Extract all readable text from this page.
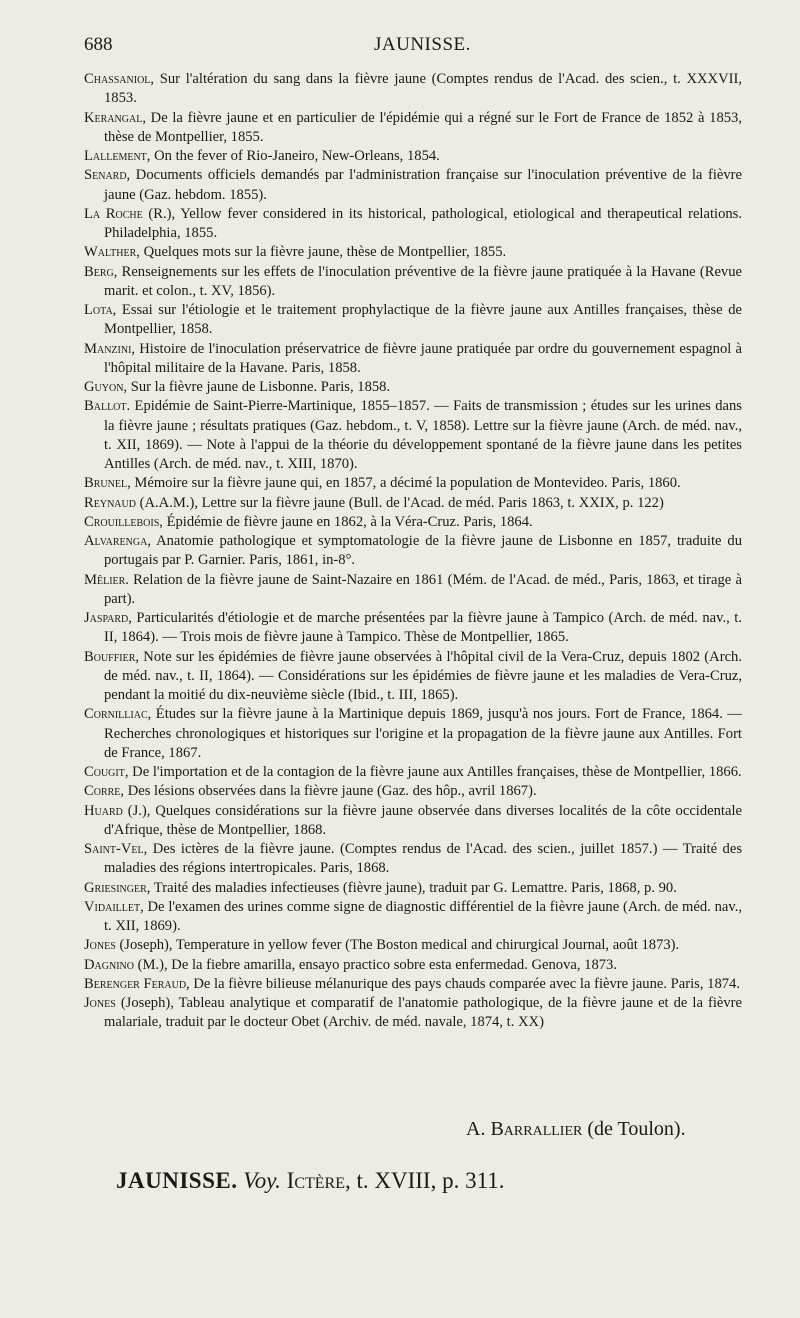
688	JAUNISSE.

Chassaniol, Sur l'altération du sang dans la fièvre jaune (Comptes rendus de l'Acad. des scien., t. XXXVII, 1853.

Kerangal, De la fièvre jaune et en particulier de l'épidémie qui a régné sur le Fort de France de 1852 à 1853, thèse de Montpellier, 1855.

Lallement, On the fever of Rio-Janeiro, New-Orleans, 1854.

Senard, Documents officiels demandés par l'administration française sur l'inoculation préventive de la fièvre jaune (Gaz. hebdom. 1855).

La Roche (R.), Yellow fever considered in its historical, pathological, etiological and therapeutical relations. Philadelphia, 1855.

Walther, Quelques mots sur la fièvre jaune, thèse de Montpellier, 1855.

Berg, Renseignements sur les effets de l'inoculation préventive de la fièvre jaune pratiquée à la Havane (Revue marit. et colon., t. XV, 1856).

Lota, Essai sur l'étiologie et le traitement prophylactique de la fièvre jaune aux Antilles françaises, thèse de Montpellier, 1858.

Manzini, Histoire de l'inoculation préservatrice de fièvre jaune pratiquée par ordre du gouvernement espagnol à l'hôpital militaire de la Havane. Paris, 1858.

Guyon, Sur la fièvre jaune de Lisbonne. Paris, 1858.

Ballot. Epidémie de Saint-Pierre-Martinique, 1855–1857. — Faits de transmission ; études sur les urines dans la fièvre jaune ; résultats pratiques (Gaz. hebdom., t. V, 1858). Lettre sur la fièvre jaune (Arch. de méd. nav., t. XII, 1869). — Note à l'appui de la théorie du développement spontané de la fièvre jaune dans les petites Antilles (Arch. de méd. nav., t. XIII, 1870).

Brunel, Mémoire sur la fièvre jaune qui, en 1857, a décimé la population de Montevideo. Paris, 1860.

Reynaud (A.A.M.), Lettre sur la fièvre jaune (Bull. de l'Acad. de méd. Paris 1863, t. XXIX, p. 122)

Crouillebois, Épidémie de fièvre jaune en 1862, à la Véra-Cruz. Paris, 1864.

Alvarenga, Anatomie pathologique et symptomatologie de la fièvre jaune de Lisbonne en 1857, traduite du portugais par P. Garnier. Paris, 1861, in-8°.

Mêlier. Relation de la fièvre jaune de Saint-Nazaire en 1861 (Mém. de l'Acad. de méd., Paris, 1863, et tirage à part).

Jaspard, Particularités d'étiologie et de marche présentées par la fièvre jaune à Tampico (Arch. de méd. nav., t. II, 1864). — Trois mois de fièvre jaune à Tampico. Thèse de Montpellier, 1865.

Bouffier, Note sur les épidémies de fièvre jaune observées à l'hôpital civil de la Vera-Cruz, depuis 1802 (Arch. de méd. nav., t. II, 1864). — Considérations sur les épidémies de fièvre jaune et les maladies de Vera-Cruz, pendant la moitié du dix-neuvième siècle (Ibid., t. III, 1865).

Cornilliac, Études sur la fièvre jaune à la Martinique depuis 1869, jusqu'à nos jours. Fort de France, 1864. — Recherches chronologiques et historiques sur l'origine et la propagation de la fièvre jaune aux Antilles. Fort de France, 1867.

Cougit, De l'importation et de la contagion de la fièvre jaune aux Antilles françaises, thèse de Montpellier, 1866.

Corre, Des lésions observées dans la fièvre jaune (Gaz. des hôp., avril 1867).

Huard (J.), Quelques considérations sur la fièvre jaune observée dans diverses localités de la côte occidentale d'Afrique, thèse de Montpellier, 1868.

Saint-Vel, Des ictères de la fièvre jaune. (Comptes rendus de l'Acad. des scien., juillet 1857.) — Traité des maladies des régions intertropicales. Paris, 1868.

Griesinger, Traité des maladies infectieuses (fièvre jaune), traduit par G. Lemattre. Paris, 1868, p. 90.

Vidaillet, De l'examen des urines comme signe de diagnostic différentiel de la fièvre jaune (Arch. de méd. nav., t. XII, 1869).

Jones (Joseph), Temperature in yellow fever (The Boston medical and chirurgical Journal, août 1873).

Dagnino (M.), De la fiebre amarilla, ensayo practico sobre esta enfermedad. Genova, 1873.

Berenger Feraud, De la fièvre bilieuse mélanurique des pays chauds comparée avec la fièvre jaune. Paris, 1874.

Jones (Joseph), Tableau analytique et comparatif de l'anatomie pathologique, de la fièvre jaune et de la fièvre malariale, traduit par le docteur Obet (Archiv. de méd. navale, 1874, t. XX)

A. Barrallier (de Toulon).
JAUNISSE. Voy. Ictère, t. XVIII, p. 311.
